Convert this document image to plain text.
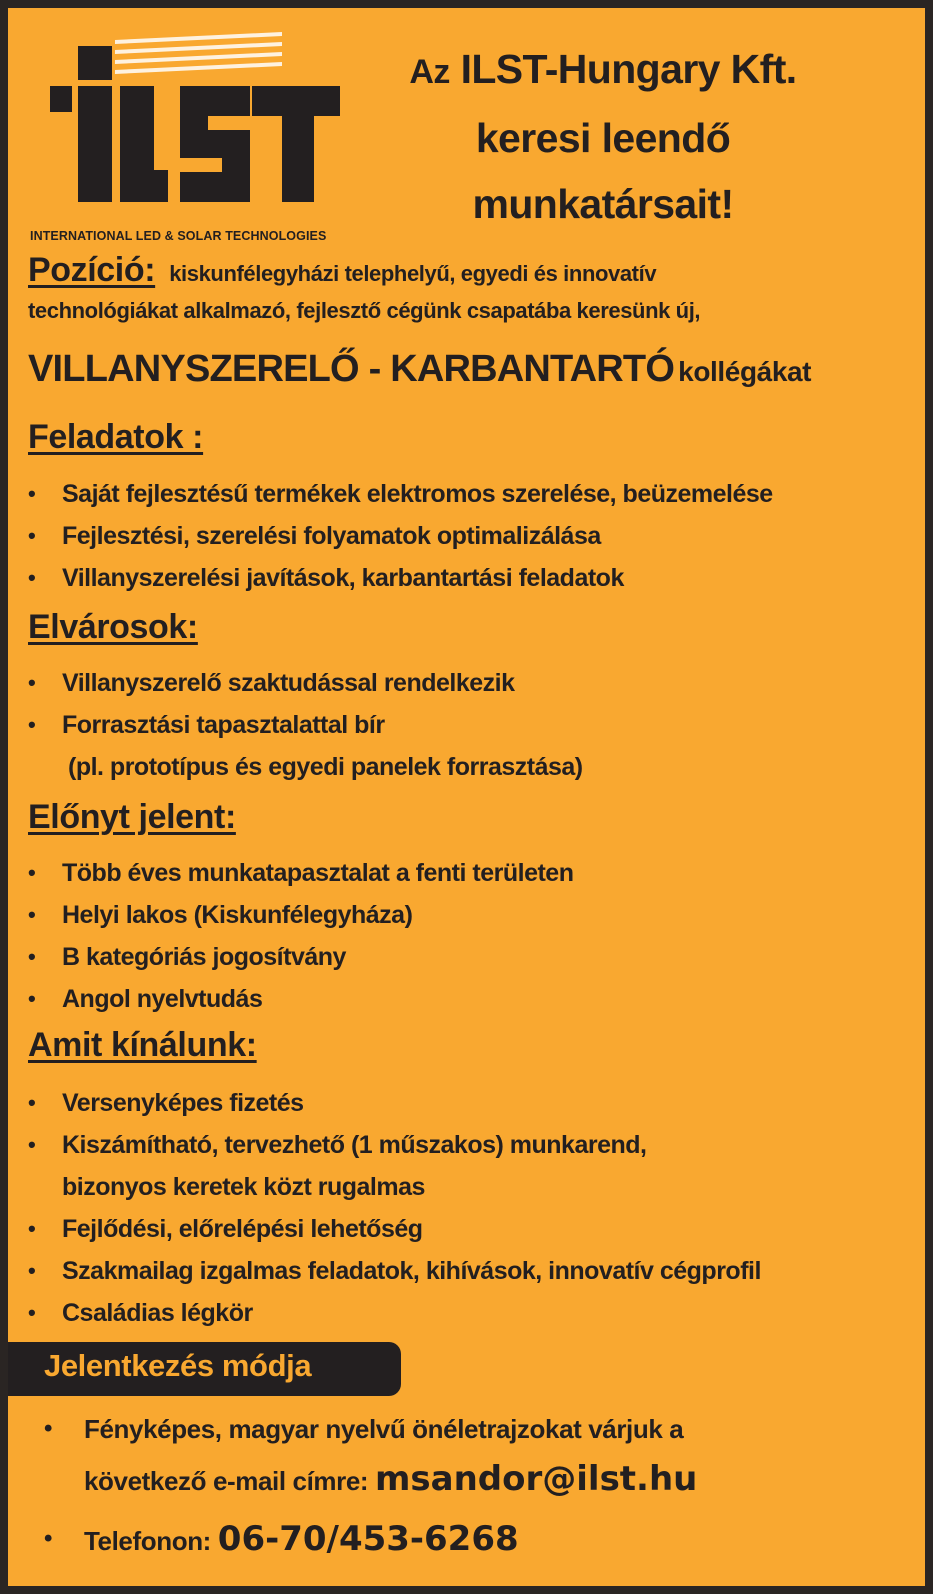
INTERNATIONAL LED & SOLAR TECHNOLOGIES
Az ILST-Hungary Kft.
keresi leendő
munkatársait!
Pozíció: kiskunfélegyházi telephelyű, egyedi és innovatív
technológiákat alkalmazó, fejlesztő cégünk csapatába keresünk új,
VILLANYSZERELŐ - KARBANTARTÓ kollégákat
Feladatok :
• Saját fejlesztésű termékek elektromos szerelése, beüzemelése
• Fejlesztési, szerelési folyamatok optimalizálása
• Villanyszerelési javítások, karbantartási feladatok
Elvárosok:
• Villanyszerelő szaktudással rendelkezik
• Forrasztási tapasztalattal bír
(pl. prototípus és egyedi panelek forrasztása)
Előnyt jelent:
• Több éves munkatapasztalat a fenti területen
• Helyi lakos (Kiskunfélegyháza)
• B kategóriás jogosítvány
• Angol nyelvtudás
Amit kínálunk:
• Versenyképes fizetés
• Kiszámítható, tervezhető (1 műszakos) munkarend,
bizonyos keretek közt rugalmas
• Fejlődési, előrelépési lehetőség
• Szakmailag izgalmas feladatok, kihívások, innovatív cégprofil
• Családias légkör
Jelentkezés módja
• Fényképes, magyar nyelvű önéletrajzokat várjuk a
következő e-mail címre: msandor@ilst.hu
• Telefonon: 06-70/453-6268
